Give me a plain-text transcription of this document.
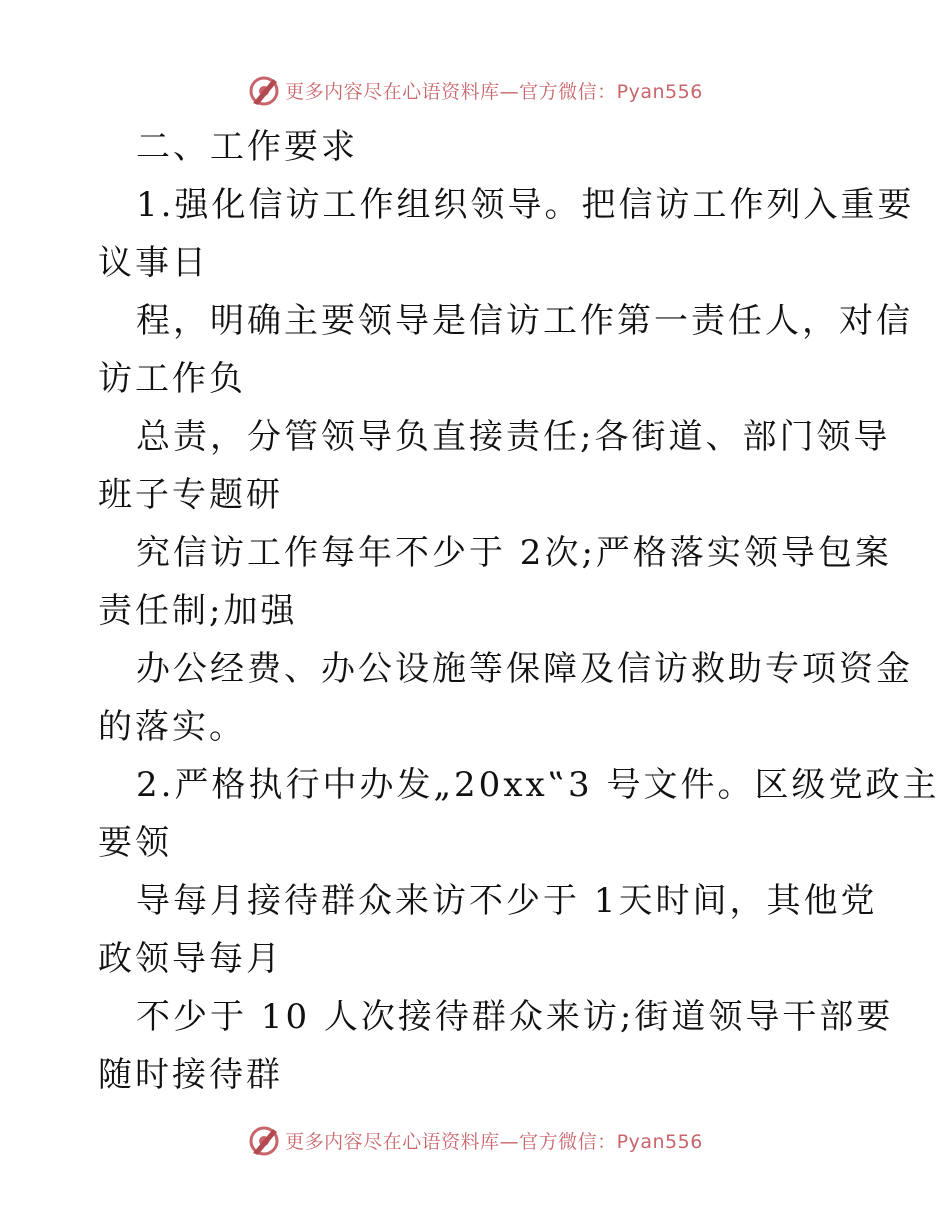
更多内容尽在心语资料库—官方微信：Pyan556
二、工作要求
1.强化信访工作组织领导。把信访工作列入重要
议事日
程，明确主要领导是信访工作第一责任人，对信
访工作负
总责，分管领导负直接责任;各街道、部门领导
班子专题研
究信访工作每年不少于 2次;严格落实领导包案
责任制;加强
办公经费、办公设施等保障及信访救助专项资金
的落实。
2.严格执行中办发„20xx‟3 号文件。区级党政主
要领
导每月接待群众来访不少于 1天时间，其他党
政领导每月
不少于 10 人次接待群众来访;街道领导干部要
随时接待群
更多内容尽在心语资料库—官方微信：Pyan556
